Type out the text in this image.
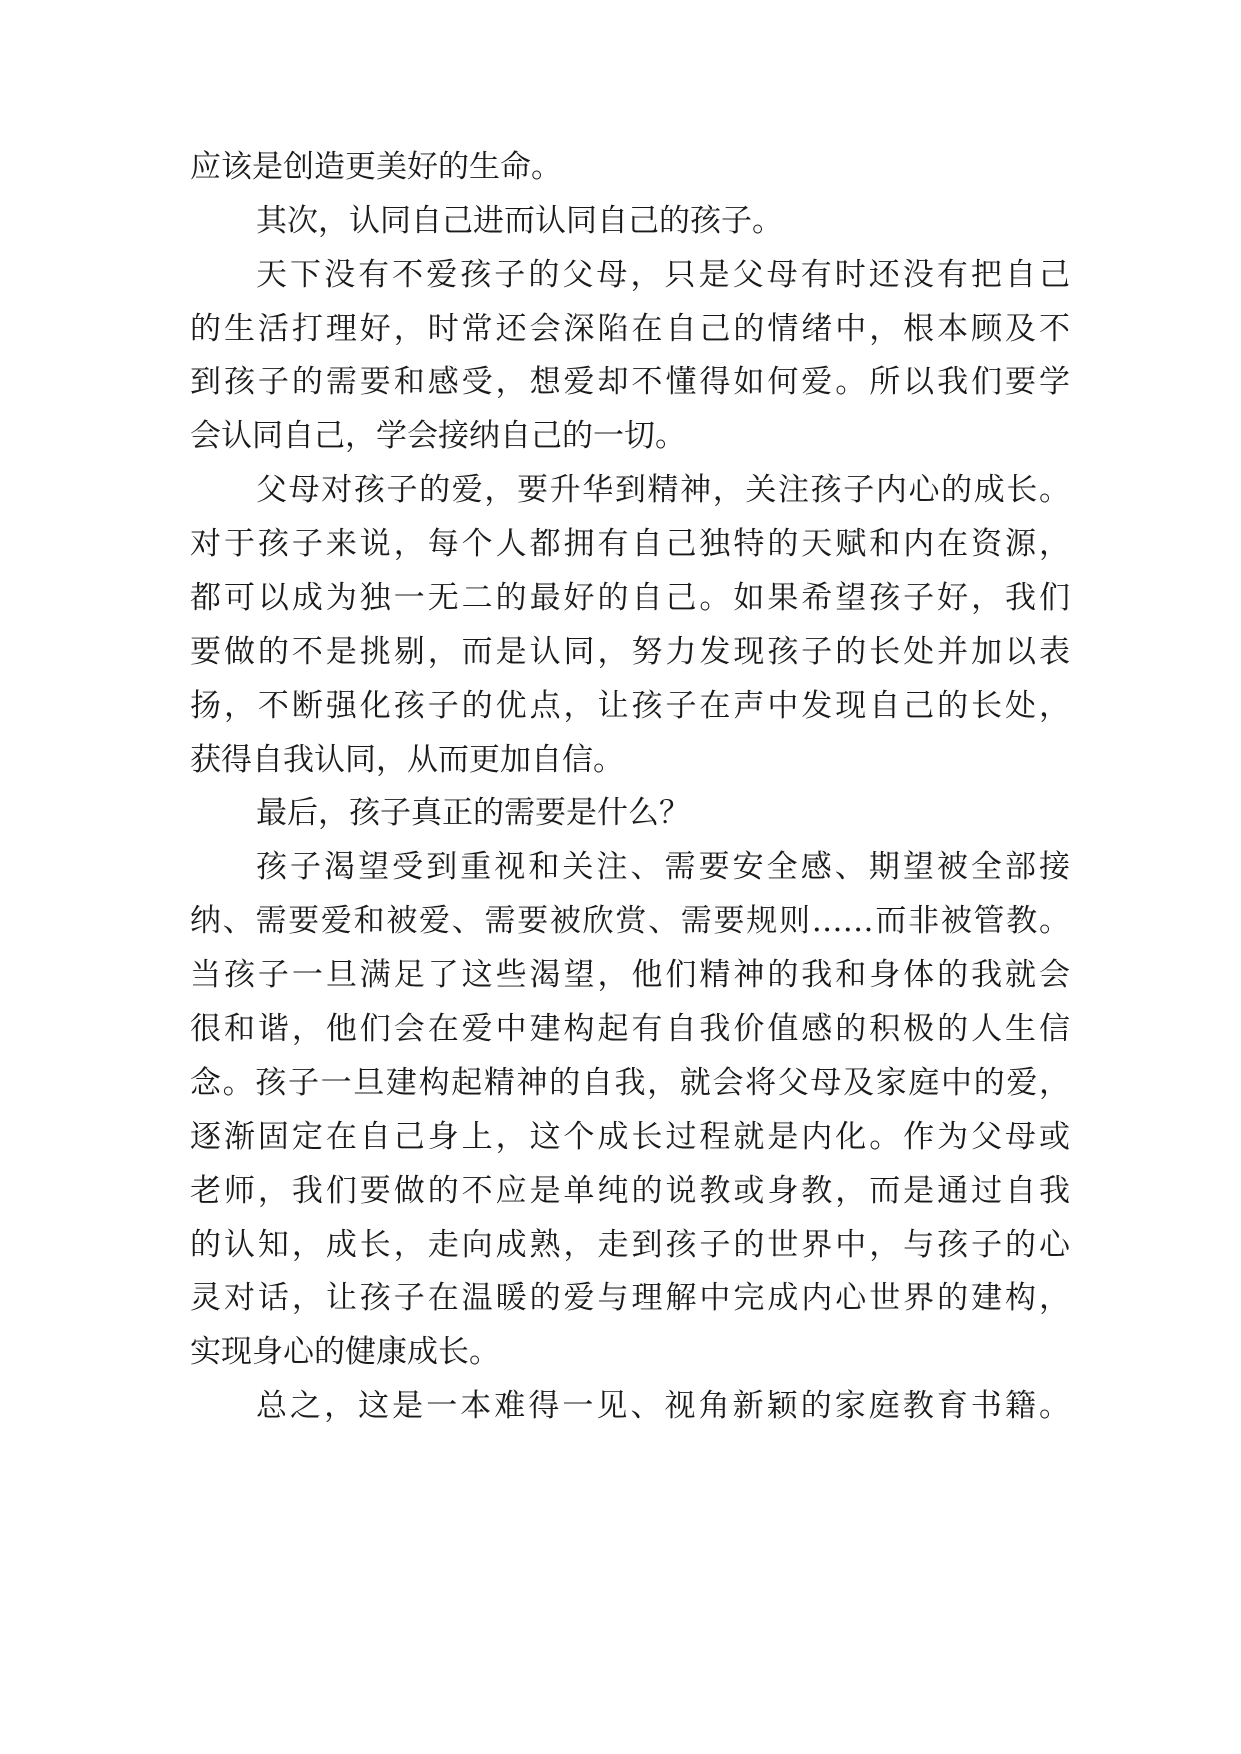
应该是创造更美好的生命。
其次，认同自己进而认同自己的孩子。
天下没有不爱孩子的父母，只是父母有时还没有把自己
的生活打理好，时常还会深陷在自己的情绪中，根本顾及不
到孩子的需要和感受，想爱却不懂得如何爱。所以我们要学
会认同自己，学会接纳自己的一切。
父母对孩子的爱，要升华到精神，关注孩子内心的成长。
对于孩子来说，每个人都拥有自己独特的天赋和内在资源，
都可以成为独一无二的最好的自己。如果希望孩子好，我们
要做的不是挑剔，而是认同，努力发现孩子的长处并加以表
扬，不断强化孩子的优点，让孩子在声中发现自己的长处，
获得自我认同，从而更加自信。
最后，孩子真正的需要是什么？
孩子渴望受到重视和关注、需要安全感、期望被全部接
纳、需要爱和被爱、需要被欣赏、需要规则……而非被管教。
当孩子一旦满足了这些渴望，他们精神的我和身体的我就会
很和谐，他们会在爱中建构起有自我价值感的积极的人生信
念。孩子一旦建构起精神的自我，就会将父母及家庭中的爱，
逐渐固定在自己身上，这个成长过程就是内化。作为父母或
老师，我们要做的不应是单纯的说教或身教，而是通过自我
的认知，成长，走向成熟，走到孩子的世界中，与孩子的心
灵对话，让孩子在温暖的爱与理解中完成内心世界的建构，
实现身心的健康成长。
总之，这是一本难得一见、视角新颖的家庭教育书籍。
